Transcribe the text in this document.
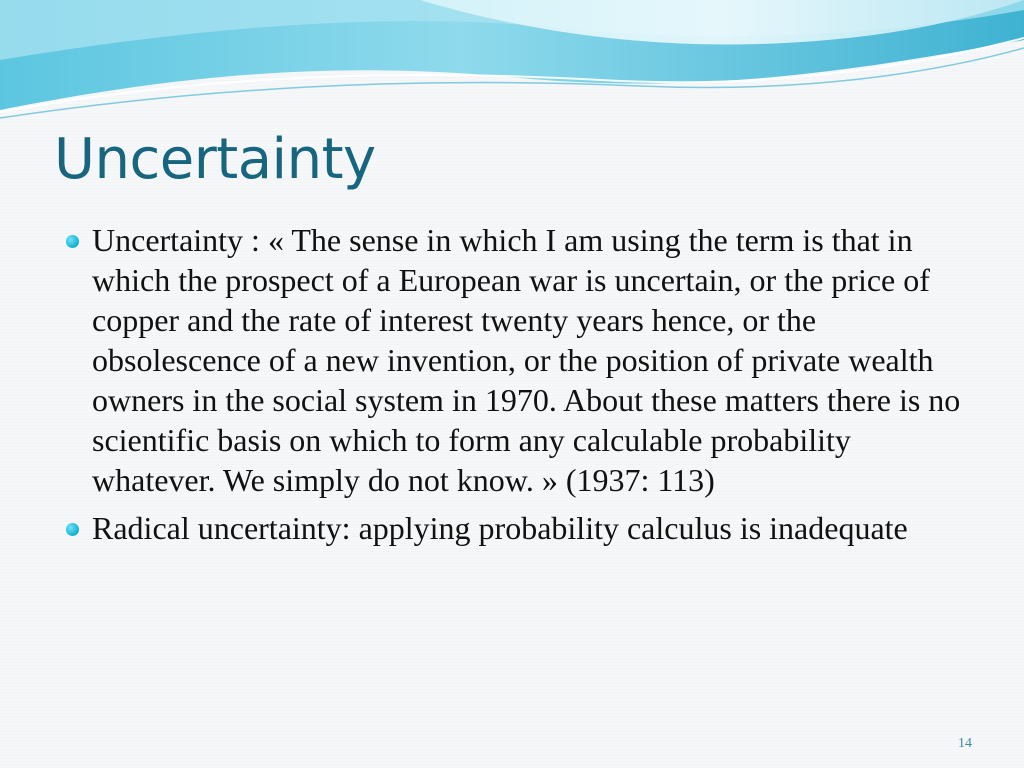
Uncertainty
Uncertainty : « The sense in which I am using the term is that in which the prospect of a European war is uncertain, or the price of copper and the rate of interest twenty years hence, or the obsolescence of a new invention, or the position of private wealth owners in the social system in 1970. About these matters there is no scientific basis on which to form any calculable probability whatever. We simply do not know. » (1937: 113)
Radical uncertainty: applying probability calculus is inadequate
14
